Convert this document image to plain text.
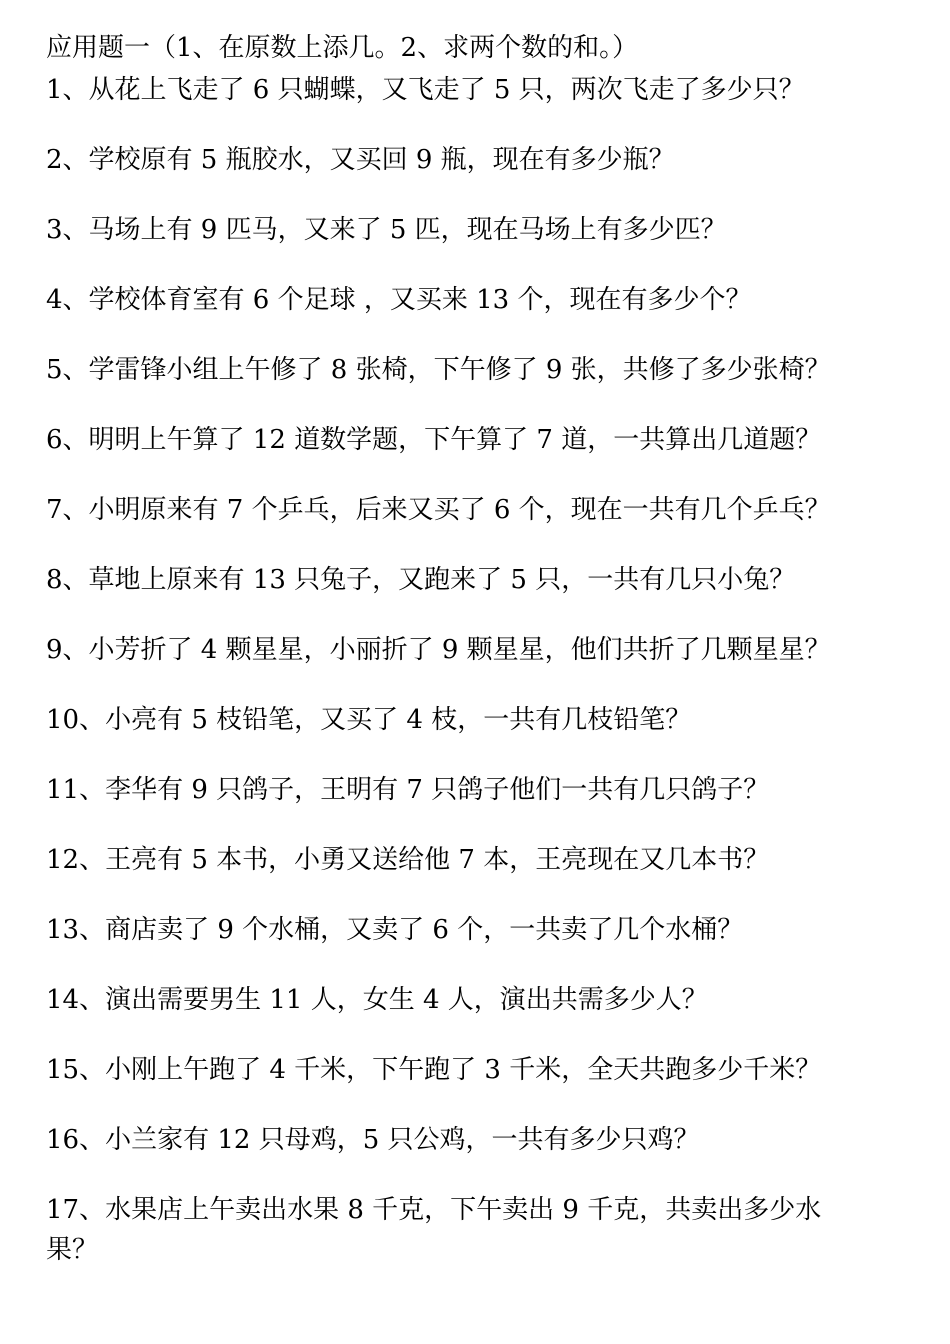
应用题一（1、在原数上添几。2、求两个数的和。）
1、从花上飞走了 6 只蝴蝶，又飞走了 5 只，两次飞走了多少只？
2、学校原有 5 瓶胶水，又买回 9 瓶，现在有多少瓶？
3、马场上有 9 匹马，又来了 5 匹，现在马场上有多少匹？
4、学校体育室有 6 个足球 ，又买来 13 个，现在有多少个？
5、学雷锋小组上午修了 8 张椅，下午修了 9 张，共修了多少张椅？
6、明明上午算了 12 道数学题，下午算了 7 道，一共算出几道题？
7、小明原来有 7 个乒乓，后来又买了 6 个，现在一共有几个乒乓？
8、草地上原来有 13 只兔子，又跑来了 5 只，一共有几只小兔？
9、小芳折了 4 颗星星，小丽折了 9 颗星星，他们共折了几颗星星？
10、小亮有 5 枝铅笔，又买了 4 枝，一共有几枝铅笔？
11、李华有 9 只鸽子，王明有 7 只鸽子他们一共有几只鸽子？
12、王亮有 5 本书，小勇又送给他 7 本，王亮现在又几本书？
13、商店卖了 9 个水桶，又卖了 6 个，一共卖了几个水桶？
14、演出需要男生 11 人，女生 4 人，演出共需多少人？
15、小刚上午跑了 4 千米，下午跑了 3 千米，全天共跑多少千米？
16、小兰家有 12 只母鸡，5 只公鸡，一共有多少只鸡？
17、水果店上午卖出水果 8 千克，下午卖出 9 千克，共卖出多少水果？
